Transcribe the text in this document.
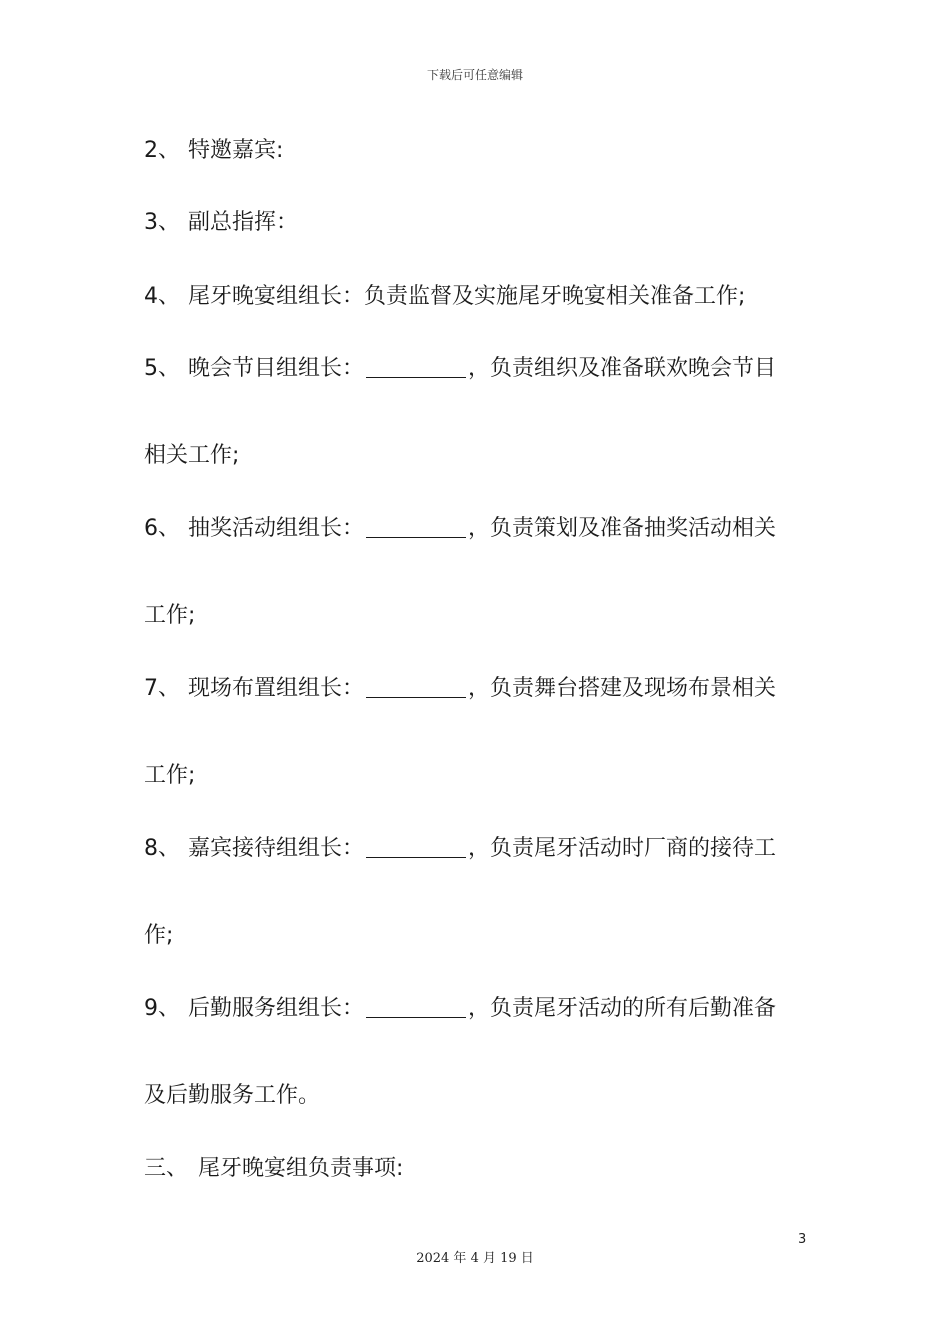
下载后可任意编辑
2、 特邀嘉宾:
3、 副总指挥：
4、 尾牙晚宴组组长：负责监督及实施尾牙晚宴相关准备工作;
5、 晚会节目组组长：	，负责组织及准备联欢晚会节目
相关工作;
6、 抽奖活动组组长：	，负责策划及准备抽奖活动相关
工作;
7、 现场布置组组长：	，负责舞台搭建及现场布景相关
工作;
8、 嘉宾接待组组长：	，负责尾牙活动时厂商的接待工
作;
9、 后勤服务组组长：	，负责尾牙活动的所有后勤准备
及后勤服务工作。
三、 尾牙晚宴组负责事项:
3
2024 年 4 月 19 日
